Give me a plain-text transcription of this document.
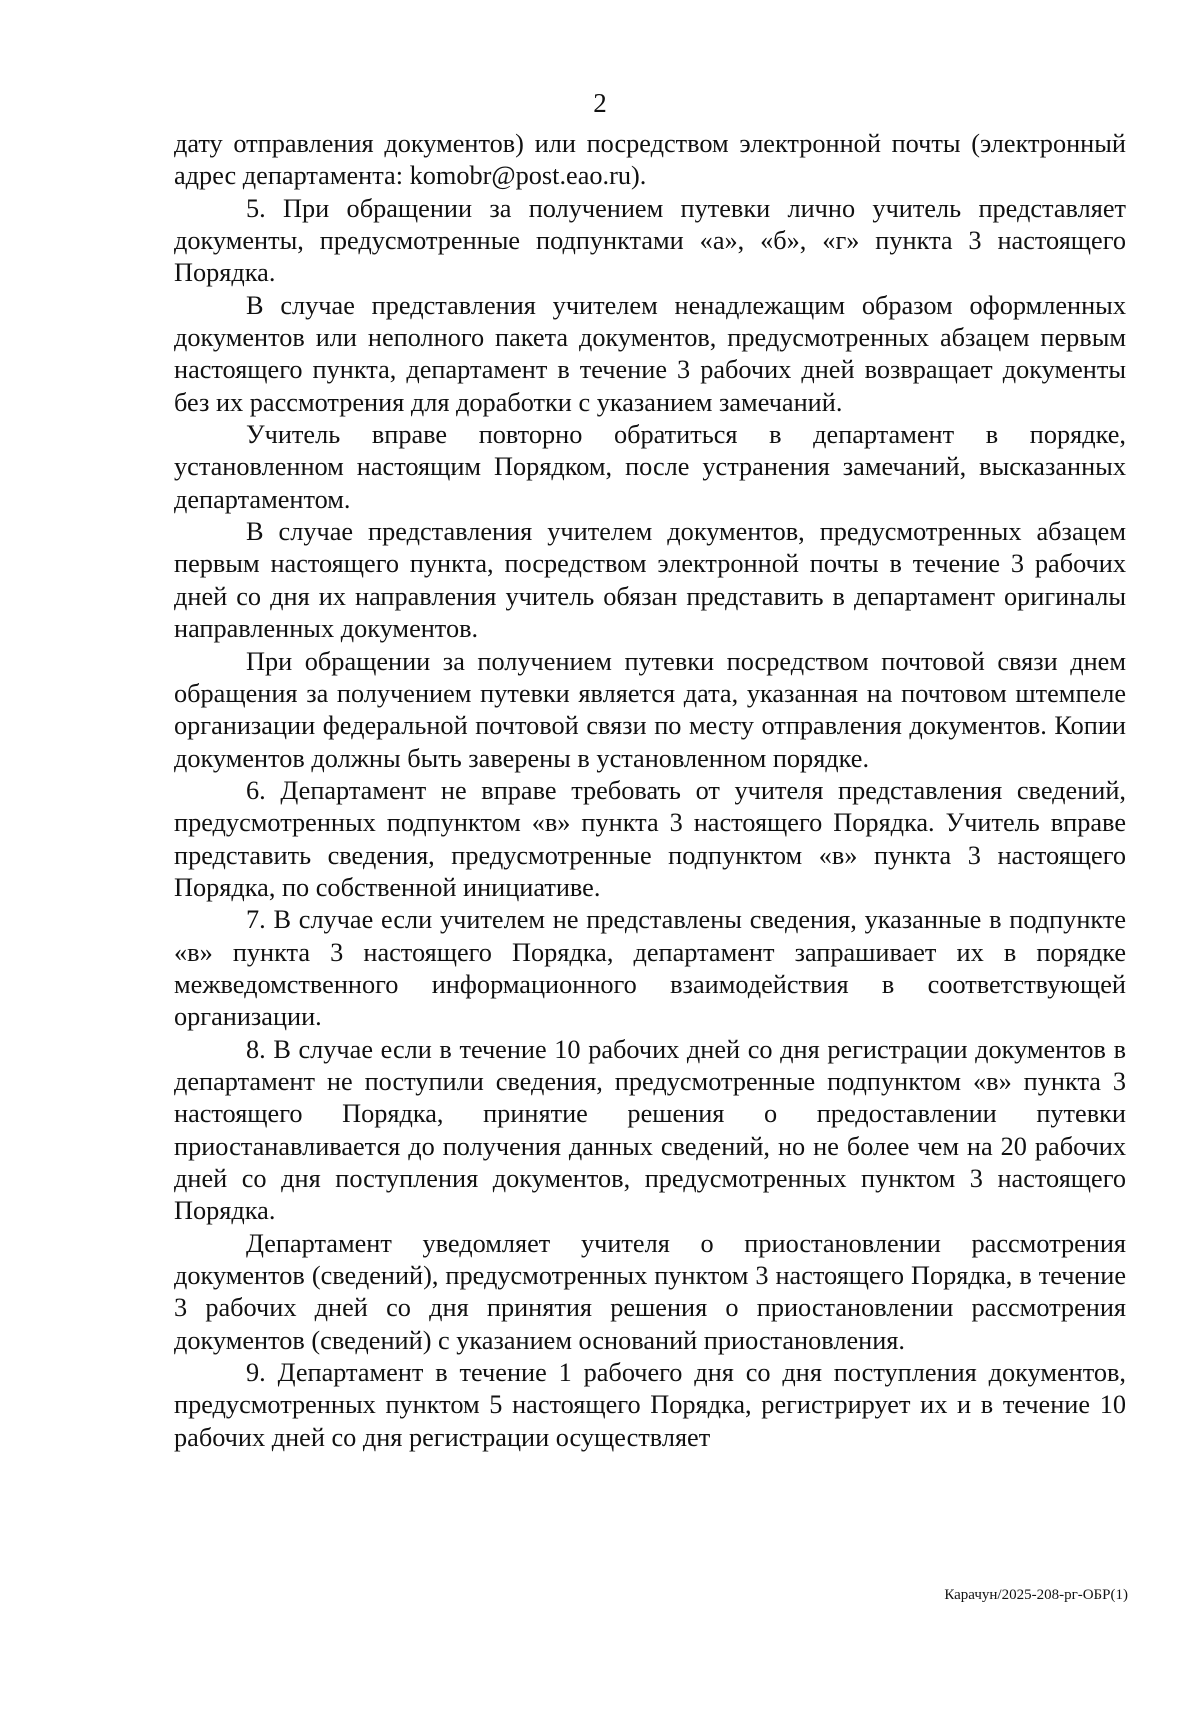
2

дату отправления документов) или посредством электронной почты (электронный адрес департамента: komobr@post.eao.ru).

5. При обращении за получением путевки лично учитель представляет документы, предусмотренные подпунктами «а», «б», «г» пункта 3 настоящего Порядка.

В случае представления учителем ненадлежащим образом оформленных документов или неполного пакета документов, предусмотренных абзацем первым настоящего пункта, департамент в течение 3 рабочих дней возвращает документы без их рассмотрения для доработки с указанием замечаний.

Учитель вправе повторно обратиться в департамент в порядке, установленном настоящим Порядком, после устранения замечаний, высказанных департаментом.

В случае представления учителем документов, предусмотренных абзацем первым настоящего пункта, посредством электронной почты в течение 3 рабочих дней со дня их направления учитель обязан представить в департамент оригиналы направленных документов.

При обращении за получением путевки посредством почтовой связи днем обращения за получением путевки является дата, указанная на почтовом штемпеле организации федеральной почтовой связи по месту отправления документов. Копии документов должны быть заверены в установленном порядке.

6. Департамент не вправе требовать от учителя представления сведений, предусмотренных подпунктом «в» пункта 3 настоящего Порядка. Учитель вправе представить сведения, предусмотренные подпунктом «в» пункта 3 настоящего Порядка, по собственной инициативе.

7. В случае если учителем не представлены сведения, указанные в подпункте «в» пункта 3 настоящего Порядка, департамент запрашивает их в порядке межведомственного информационного взаимодействия в соответствующей организации.

8. В случае если в течение 10 рабочих дней со дня регистрации документов в департамент не поступили сведения, предусмотренные подпунктом «в» пункта 3 настоящего Порядка, принятие решения о предоставлении путевки приостанавливается до получения данных сведений, но не более чем на 20 рабочих дней со дня поступления документов, предусмотренных пунктом 3 настоящего Порядка.

Департамент уведомляет учителя о приостановлении рассмотрения документов (сведений), предусмотренных пунктом 3 настоящего Порядка, в течение 3 рабочих дней со дня принятия решения о приостановлении рассмотрения документов (сведений) с указанием оснований приостановления.

9. Департамент в течение 1 рабочего дня со дня поступления документов, предусмотренных пунктом 5 настоящего Порядка, регистрирует их и в течение 10 рабочих дней со дня регистрации осуществляет

Карачун/2025-208-рг-ОБР(1)
